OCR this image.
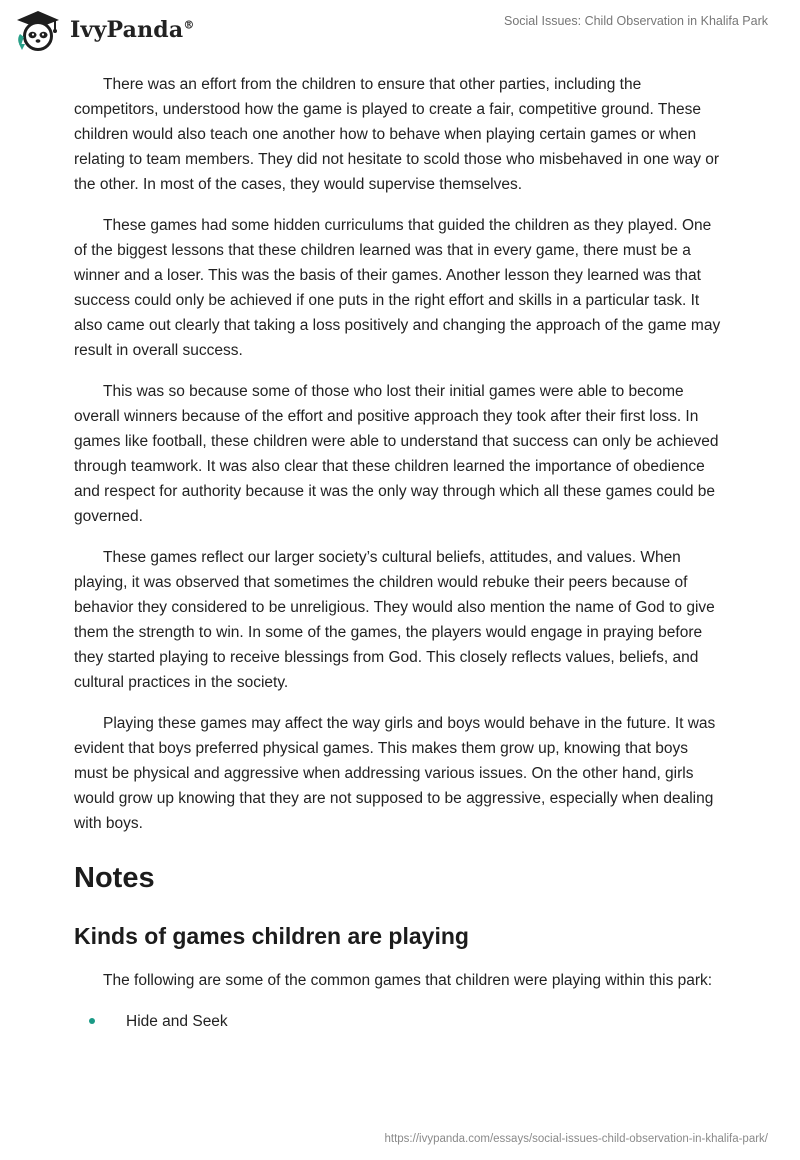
IvyPanda®	Social Issues: Child Observation in Khalifa Park

There was an effort from the children to ensure that other parties, including the competitors, understood how the game is played to create a fair, competitive ground. These children would also teach one another how to behave when playing certain games or when relating to team members. They did not hesitate to scold those who misbehaved in one way or the other. In most of the cases, they would supervise themselves.

These games had some hidden curriculums that guided the children as they played. One of the biggest lessons that these children learned was that in every game, there must be a winner and a loser. This was the basis of their games. Another lesson they learned was that success could only be achieved if one puts in the right effort and skills in a particular task. It also came out clearly that taking a loss positively and changing the approach of the game may result in overall success.

This was so because some of those who lost their initial games were able to become overall winners because of the effort and positive approach they took after their first loss. In games like football, these children were able to understand that success can only be achieved through teamwork. It was also clear that these children learned the importance of obedience and respect for authority because it was the only way through which all these games could be governed.

These games reflect our larger society’s cultural beliefs, attitudes, and values. When playing, it was observed that sometimes the children would rebuke their peers because of behavior they considered to be unreligious. They would also mention the name of God to give them the strength to win. In some of the games, the players would engage in praying before they started playing to receive blessings from God. This closely reflects values, beliefs, and cultural practices in the society.

Playing these games may affect the way girls and boys would behave in the future. It was evident that boys preferred physical games. This makes them grow up, knowing that boys must be physical and aggressive when addressing various issues. On the other hand, girls would grow up knowing that they are not supposed to be aggressive, especially when dealing with boys.

Notes
Kinds of games children are playing

The following are some of the common games that children were playing within this park:

Hide and Seek
https://ivypanda.com/essays/social-issues-child-observation-in-khalifa-park/
